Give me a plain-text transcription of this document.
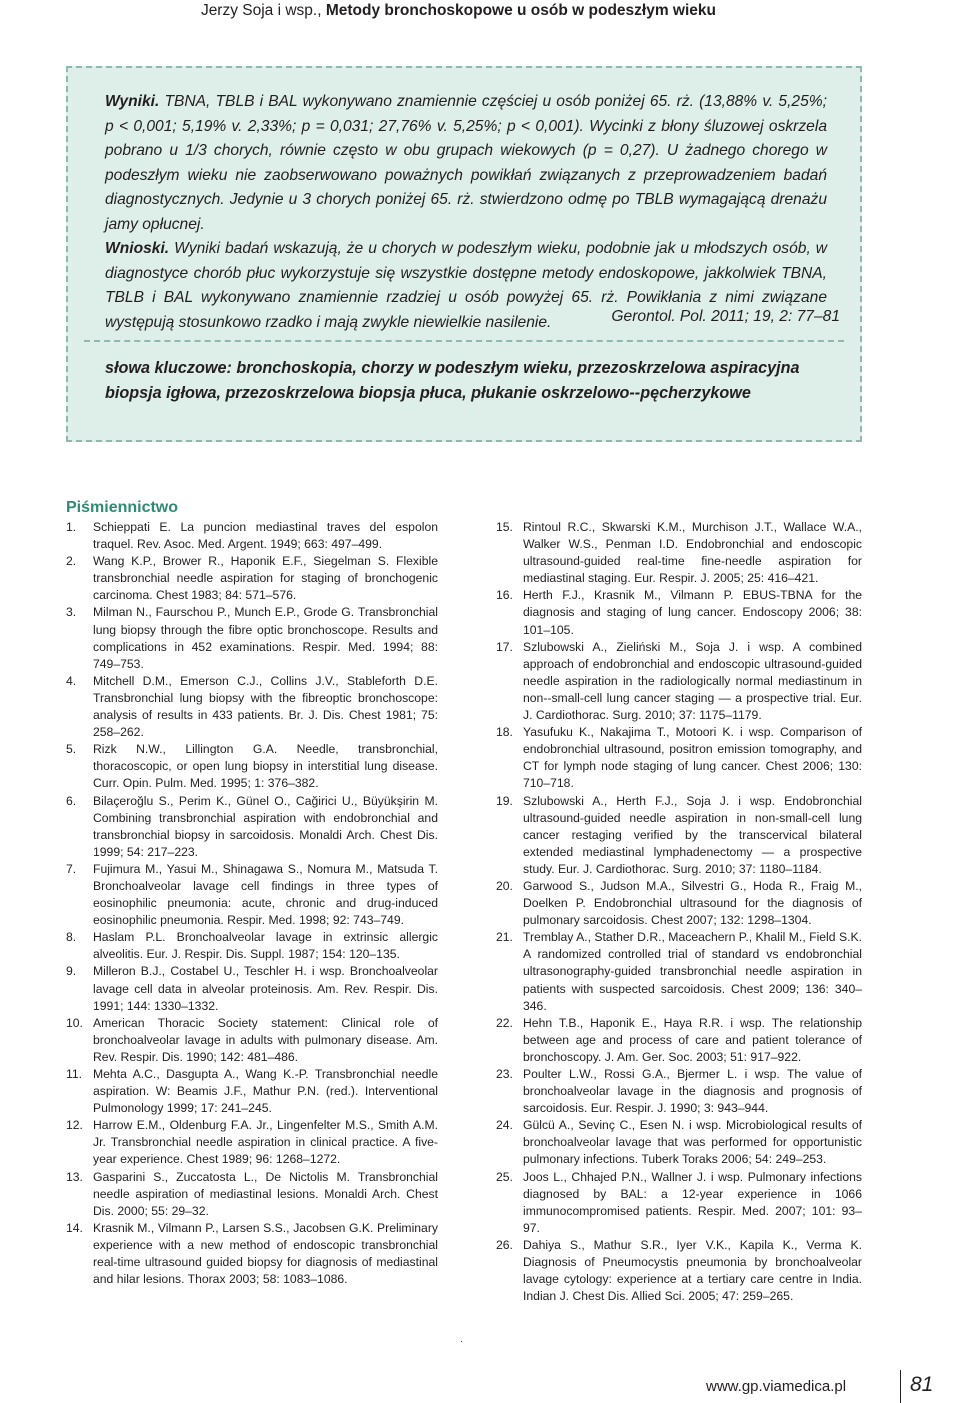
Jerzy Soja i wsp., Metody bronchoskopowe u osób w podeszłym wieku

Wyniki. TBNA, TBLB i BAL wykonywano znamiennie częściej u osób poniżej 65. rż. (13,88% v. 5,25%; p < 0,001; 5,19% v. 2,33%; p = 0,031; 27,76% v. 5,25%; p < 0,001). Wycinki z błony śluzowej oskrzela pobrano u 1/3 chorych, równie często w obu grupach wiekowych (p = 0,27). U żadnego chorego w podeszłym wieku nie zaobserwowano poważnych powikłań związanych z przeprowadzeniem badań diagnostycznych. Jedynie u 3 chorych poniżej 65. rż. stwierdzono odmę po TBLB wymagającą drenażu jamy opłucnej.

Wnioski. Wyniki badań wskazują, że u chorych w podeszłym wieku, podobnie jak u młodszych osób, w diagnostyce chorób płuc wykorzystuje się wszystkie dostępne metody endoskopowe, jakkolwiek TBNA, TBLB i BAL wykonywano znamiennie rzadziej u osób powyżej 65. rż. Powikłania z nimi związane występują stosunkowo rzadko i mają zwykle niewielkie nasilenie.	Gerontol. Pol. 2011; 19, 2: 77–81
słowa kluczowe: bronchoskopia, chorzy w podeszłym wieku, przezoskrzelowa aspiracyjna biopsja igłowa, przezoskrzelowa biopsja płuca, płukanie oskrzelowo--pęcherzykowe
Piśmiennictwo
1. Schieppati E. La puncion mediastinal traves del espolon traquel. Rev. Asoc. Med. Argent. 1949; 663: 497–499.
2. Wang K.P., Brower R., Haponik E.F., Siegelman S. Flexible transbronchial needle aspiration for staging of bronchogenic carcinoma. Chest 1983; 84: 571–576.
3. Milman N., Faurschou P., Munch E.P., Grode G. Transbronchial lung biopsy through the fibre optic bronchoscope. Results and complications in 452 examinations. Respir. Med. 1994; 88: 749–753.
4. Mitchell D.M., Emerson C.J., Collins J.V., Stableforth D.E. Transbronchial lung biopsy with the fibreoptic bronchoscope: analysis of results in 433 patients. Br. J. Dis. Chest 1981; 75: 258–262.
5. Rizk N.W., Lillington G.A. Needle, transbronchial, thoracoscopic, or open lung biopsy in interstitial lung disease. Curr. Opin. Pulm. Med. 1995; 1: 376–382.
6. Bilaçeroğlu S., Perim K., Günel O., Cağirici U., Büyükşirin M. Combining transbronchial aspiration with endobronchial and transbronchial biopsy in sarcoidosis. Monaldi Arch. Chest Dis. 1999; 54: 217–223.
7. Fujimura M., Yasui M., Shinagawa S., Nomura M., Matsuda T. Bronchoalveolar lavage cell findings in three types of eosinophilic pneumonia: acute, chronic and drug-induced eosinophilic pneumonia. Respir. Med. 1998; 92: 743–749.
8. Haslam P.L. Bronchoalveolar lavage in extrinsic allergic alveolitis. Eur. J. Respir. Dis. Suppl. 1987; 154: 120–135.
9. Milleron B.J., Costabel U., Teschler H. i wsp. Bronchoalveolar lavage cell data in alveolar proteinosis. Am. Rev. Respir. Dis. 1991; 144: 1330–1332.
10. American Thoracic Society statement: Clinical role of bronchoalveolar lavage in adults with pulmonary disease. Am. Rev. Respir. Dis. 1990; 142: 481–486.
11. Mehta A.C., Dasgupta A., Wang K.-P. Transbronchial needle aspiration. W: Beamis J.F., Mathur P.N. (red.). Interventional Pulmonology 1999; 17: 241–245.
12. Harrow E.M., Oldenburg F.A. Jr., Lingenfelter M.S., Smith A.M. Jr. Transbronchial needle aspiration in clinical practice. A five-year experience. Chest 1989; 96: 1268–1272.
13. Gasparini S., Zuccatosta L., De Nictolis M. Transbronchial needle aspiration of mediastinal lesions. Monaldi Arch. Chest Dis. 2000; 55: 29–32.
14. Krasnik M., Vilmann P., Larsen S.S., Jacobsen G.K. Preliminary experience with a new method of endoscopic transbronchial real-time ultrasound guided biopsy for diagnosis of mediastinal and hilar lesions. Thorax 2003; 58: 1083–1086.
15. Rintoul R.C., Skwarski K.M., Murchison J.T., Wallace W.A., Walker W.S., Penman I.D. Endobronchial and endoscopic ultrasound-guided real-time fine-needle aspiration for mediastinal staging. Eur. Respir. J. 2005; 25: 416–421.
16. Herth F.J., Krasnik M., Vilmann P. EBUS-TBNA for the diagnosis and staging of lung cancer. Endoscopy 2006; 38: 101–105.
17. Szlubowski A., Zieliński M., Soja J. i wsp. A combined approach of endobronchial and endoscopic ultrasound-guided needle aspiration in the radiologically normal mediastinum in non--small-cell lung cancer staging — a prospective trial. Eur. J. Cardiothorac. Surg. 2010; 37: 1175–1179.
18. Yasufuku K., Nakajima T., Motoori K. i wsp. Comparison of endobronchial ultrasound, positron emission tomography, and CT for lymph node staging of lung cancer. Chest 2006; 130: 710–718.
19. Szlubowski A., Herth F.J., Soja J. i wsp. Endobronchial ultrasound-guided needle aspiration in non-small-cell lung cancer restaging verified by the transcervical bilateral extended mediastinal lymphadenectomy — a prospective study. Eur. J. Cardiothorac. Surg. 2010; 37: 1180–1184.
20. Garwood S., Judson M.A., Silvestri G., Hoda R., Fraig M., Doelken P. Endobronchial ultrasound for the diagnosis of pulmonary sarcoidosis. Chest 2007; 132: 1298–1304.
21. Tremblay A., Stather D.R., Maceachern P., Khalil M., Field S.K. A randomized controlled trial of standard vs endobronchial ultrasonography-guided transbronchial needle aspiration in patients with suspected sarcoidosis. Chest 2009; 136: 340–346.
22. Hehn T.B., Haponik E., Haya R.R. i wsp. The relationship between age and process of care and patient tolerance of bronchoscopy. J. Am. Ger. Soc. 2003; 51: 917–922.
23. Poulter L.W., Rossi G.A., Bjermer L. i wsp. The value of bronchoalveolar lavage in the diagnosis and prognosis of sarcoidosis. Eur. Respir. J. 1990; 3: 943–944.
24. Gülcü A., Sevinç C., Esen N. i wsp. Microbiological results of bronchoalveolar lavage that was performed for opportunistic pulmonary infections. Tuberk Toraks 2006; 54: 249–253.
25. Joos L., Chhajed P.N., Wallner J. i wsp. Pulmonary infections diagnosed by BAL: a 12-year experience in 1066 immunocompromised patients. Respir. Med. 2007; 101: 93–97.
26. Dahiya S., Mathur S.R., Iyer V.K., Kapila K., Verma K. Diagnosis of Pneumocystis pneumonia by bronchoalveolar lavage cytology: experience at a tertiary care centre in India. Indian J. Chest Dis. Allied Sci. 2005; 47: 259–265.
.
www.gp.viamedica.pl	81
